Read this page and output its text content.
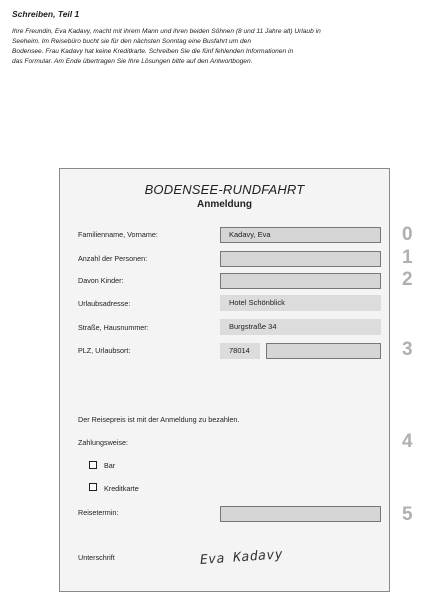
Schreiben, Teil 1

Ihre Freundin, Eva Kadavy, macht mit ihrem Mann und ihren beiden Söhnen (8 und 11 Jahre alt) Urlaub in
Seeheim. Im Reisebüro bucht sie für den nächsten Sonntag eine Busfahrt um den
Bodensee. Frau Kadavy hat keine Kreditkarte. Schreiben Sie die fünf fehlenden Informationen in
das Formular. Am Ende übertragen Sie Ihre Lösungen bitte auf den Antwortbogen.

BODENSEE-RUNDFAHRT
Anmeldung
Familienname, Vorname:	Kadavy, Eva
Anzahl der Personen:
Davon Kinder:
Urlaubsadresse:	Hotel Schönblick
Straße, Hausnummer:	Burgstraße 34
PLZ, Urlaubsort:	78014
Der Reisepreis ist mit der Anmeldung zu bezahlen.
Zahlungsweise:
Bar
Kreditkarte
Reisetermin:
Unterschrift	Eva Kadavy
0
1
2
3
4
5
